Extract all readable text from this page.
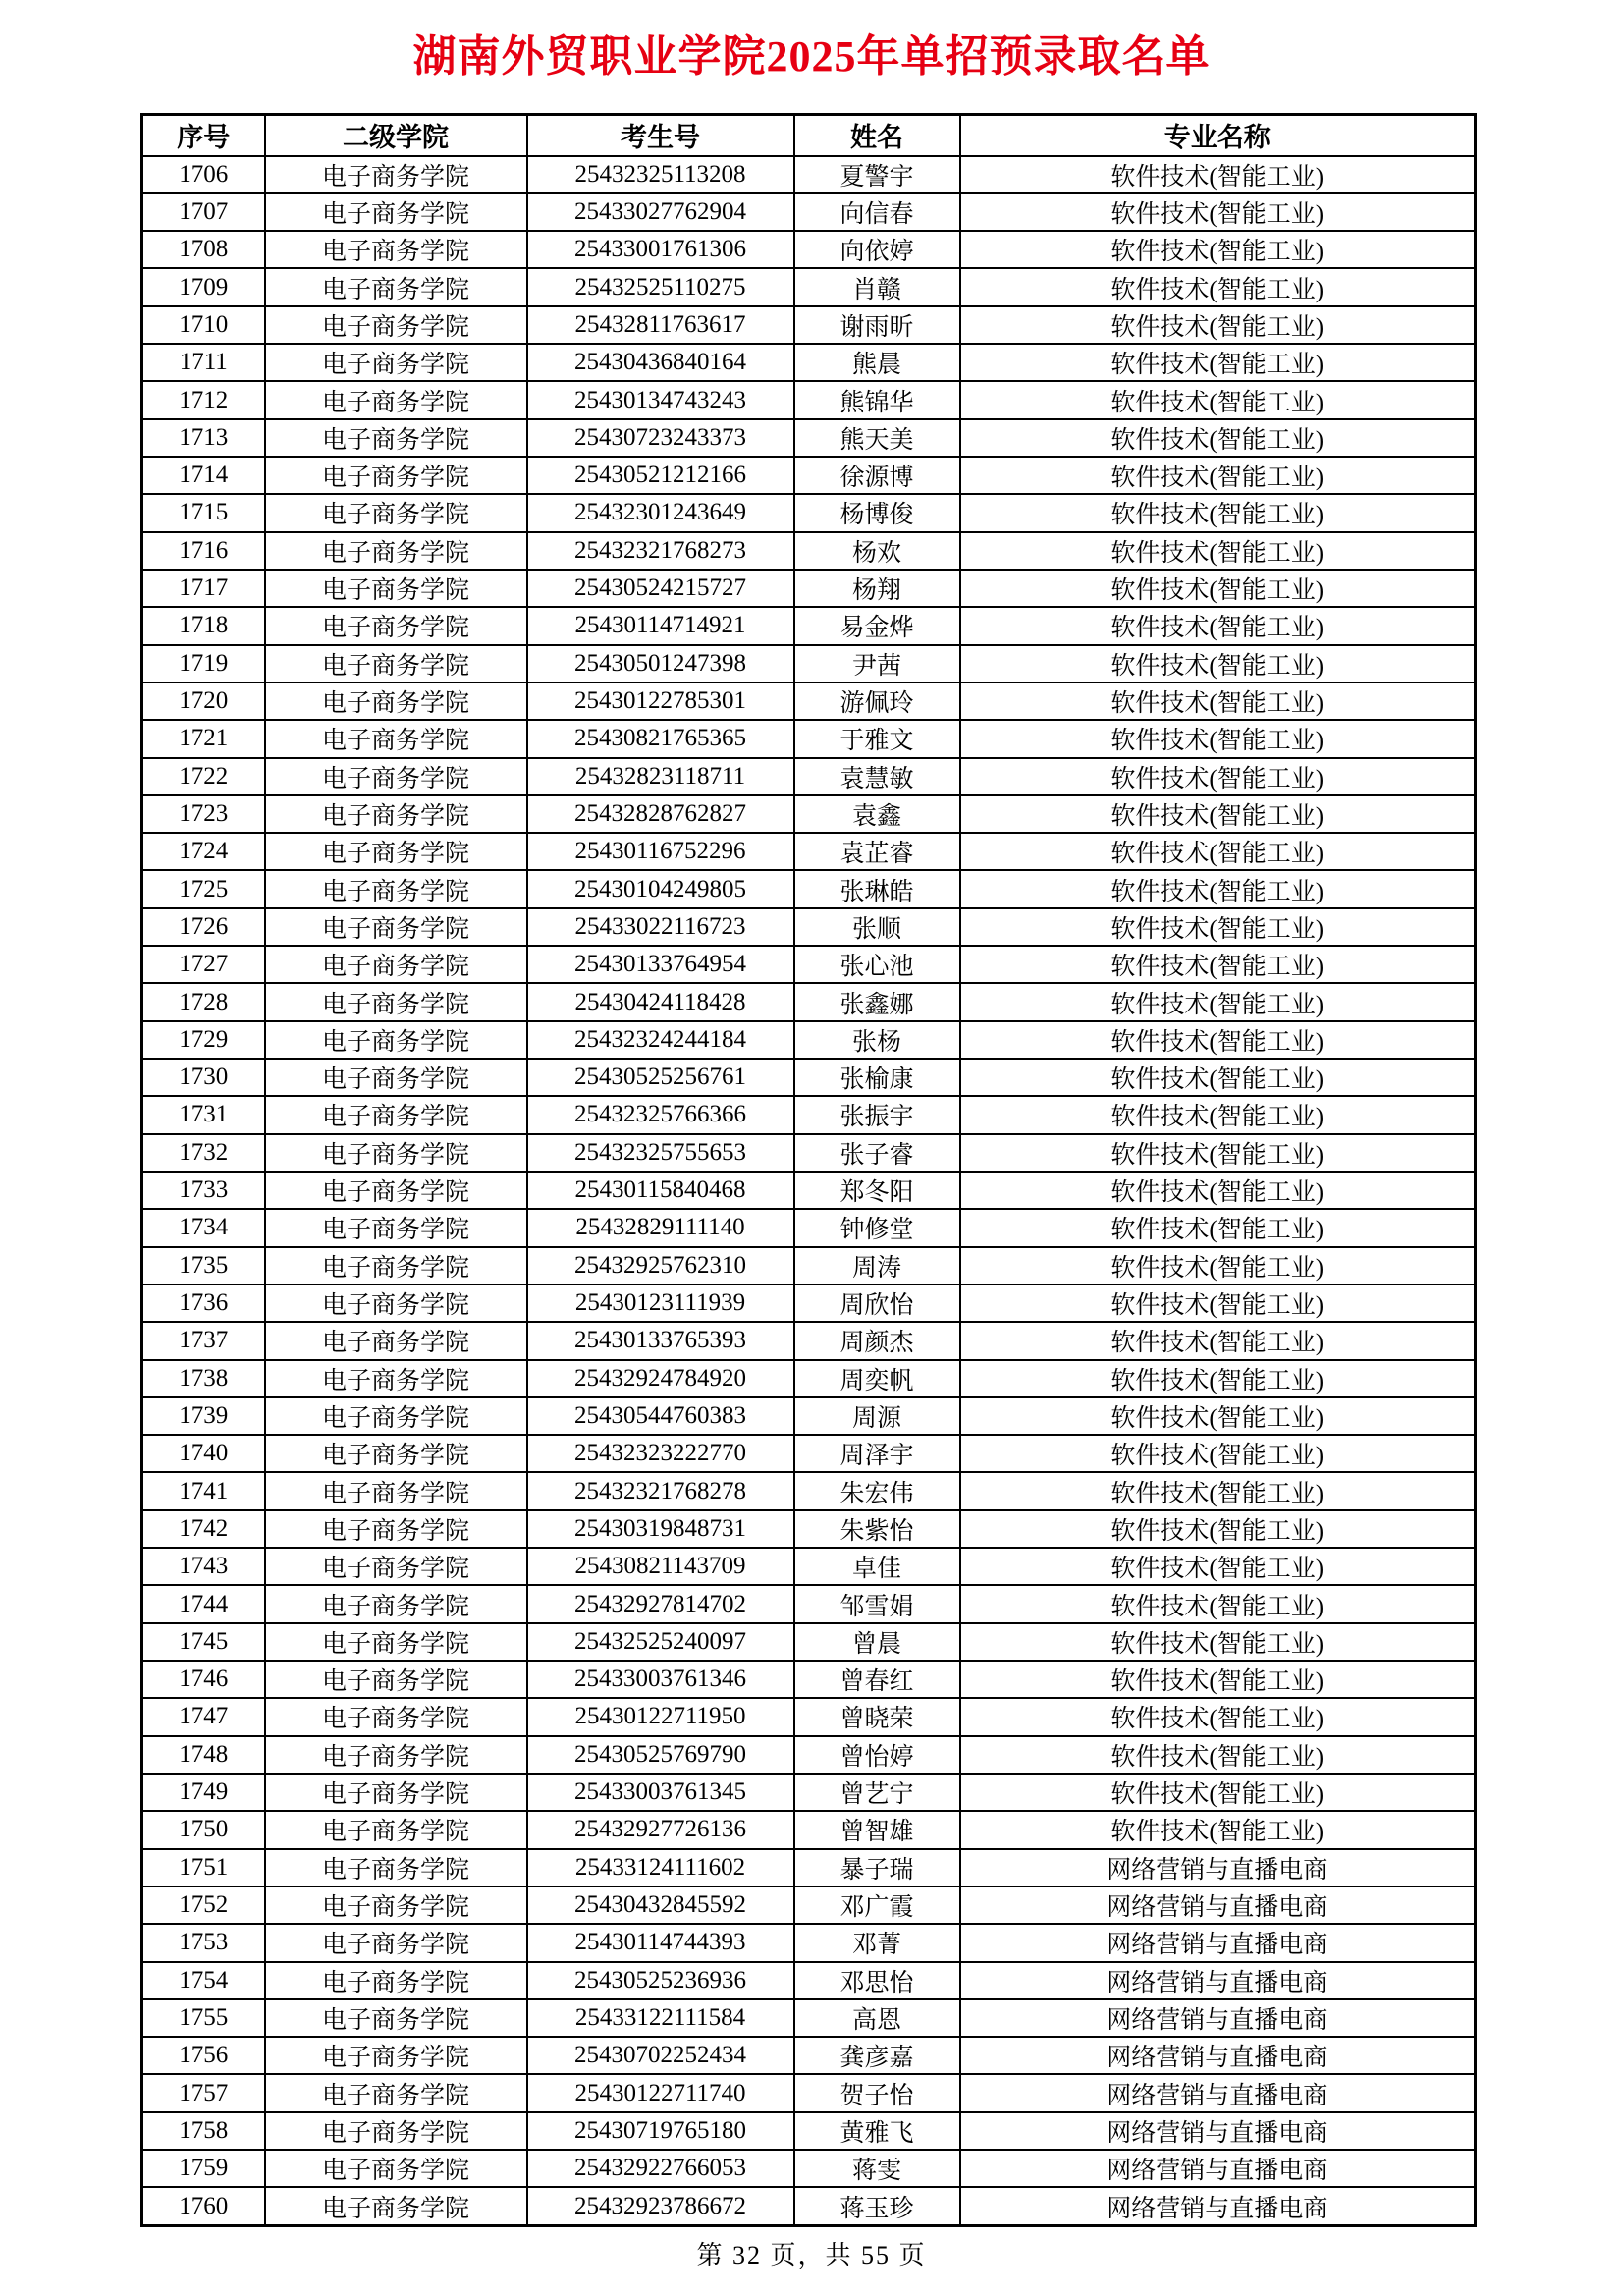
湖南外贸职业学院2025年单招预录取名单
序号	二级学院	考生号	姓名	专业名称
1706	电子商务学院	25432325113208	夏警宇	软件技术(智能工业)
1707	电子商务学院	25433027762904	向信春	软件技术(智能工业)
1708	电子商务学院	25433001761306	向依婷	软件技术(智能工业)
1709	电子商务学院	25432525110275	肖赣	软件技术(智能工业)
1710	电子商务学院	25432811763617	谢雨昕	软件技术(智能工业)
1711	电子商务学院	25430436840164	熊晨	软件技术(智能工业)
1712	电子商务学院	25430134743243	熊锦华	软件技术(智能工业)
1713	电子商务学院	25430723243373	熊天美	软件技术(智能工业)
1714	电子商务学院	25430521212166	徐源博	软件技术(智能工业)
1715	电子商务学院	25432301243649	杨博俊	软件技术(智能工业)
1716	电子商务学院	25432321768273	杨欢	软件技术(智能工业)
1717	电子商务学院	25430524215727	杨翔	软件技术(智能工业)
1718	电子商务学院	25430114714921	易金烨	软件技术(智能工业)
1719	电子商务学院	25430501247398	尹茜	软件技术(智能工业)
1720	电子商务学院	25430122785301	游佩玲	软件技术(智能工业)
1721	电子商务学院	25430821765365	于雅文	软件技术(智能工业)
1722	电子商务学院	25432823118711	袁慧敏	软件技术(智能工业)
1723	电子商务学院	25432828762827	袁鑫	软件技术(智能工业)
1724	电子商务学院	25430116752296	袁芷睿	软件技术(智能工业)
1725	电子商务学院	25430104249805	张琳皓	软件技术(智能工业)
1726	电子商务学院	25433022116723	张顺	软件技术(智能工业)
1727	电子商务学院	25430133764954	张心池	软件技术(智能工业)
1728	电子商务学院	25430424118428	张鑫娜	软件技术(智能工业)
1729	电子商务学院	25432324244184	张杨	软件技术(智能工业)
1730	电子商务学院	25430525256761	张榆康	软件技术(智能工业)
1731	电子商务学院	25432325766366	张振宇	软件技术(智能工业)
1732	电子商务学院	25432325755653	张子睿	软件技术(智能工业)
1733	电子商务学院	25430115840468	郑冬阳	软件技术(智能工业)
1734	电子商务学院	25432829111140	钟修堂	软件技术(智能工业)
1735	电子商务学院	25432925762310	周涛	软件技术(智能工业)
1736	电子商务学院	25430123111939	周欣怡	软件技术(智能工业)
1737	电子商务学院	25430133765393	周颜杰	软件技术(智能工业)
1738	电子商务学院	25432924784920	周奕帆	软件技术(智能工业)
1739	电子商务学院	25430544760383	周源	软件技术(智能工业)
1740	电子商务学院	25432323222770	周泽宇	软件技术(智能工业)
1741	电子商务学院	25432321768278	朱宏伟	软件技术(智能工业)
1742	电子商务学院	25430319848731	朱紫怡	软件技术(智能工业)
1743	电子商务学院	25430821143709	卓佳	软件技术(智能工业)
1744	电子商务学院	25432927814702	邹雪娟	软件技术(智能工业)
1745	电子商务学院	25432525240097	曾晨	软件技术(智能工业)
1746	电子商务学院	25433003761346	曾春红	软件技术(智能工业)
1747	电子商务学院	25430122711950	曾晓荣	软件技术(智能工业)
1748	电子商务学院	25430525769790	曾怡婷	软件技术(智能工业)
1749	电子商务学院	25433003761345	曾艺宁	软件技术(智能工业)
1750	电子商务学院	25432927726136	曾智雄	软件技术(智能工业)
1751	电子商务学院	25433124111602	暴子瑞	网络营销与直播电商
1752	电子商务学院	25430432845592	邓广霞	网络营销与直播电商
1753	电子商务学院	25430114744393	邓菁	网络营销与直播电商
1754	电子商务学院	25430525236936	邓思怡	网络营销与直播电商
1755	电子商务学院	25433122111584	高恩	网络营销与直播电商
1756	电子商务学院	25430702252434	龚彦嘉	网络营销与直播电商
1757	电子商务学院	25430122711740	贺子怡	网络营销与直播电商
1758	电子商务学院	25430719765180	黄雅飞	网络营销与直播电商
1759	电子商务学院	25432922766053	蒋雯	网络营销与直播电商
1760	电子商务学院	25432923786672	蒋玉珍	网络营销与直播电商
第 32 页，共 55 页
